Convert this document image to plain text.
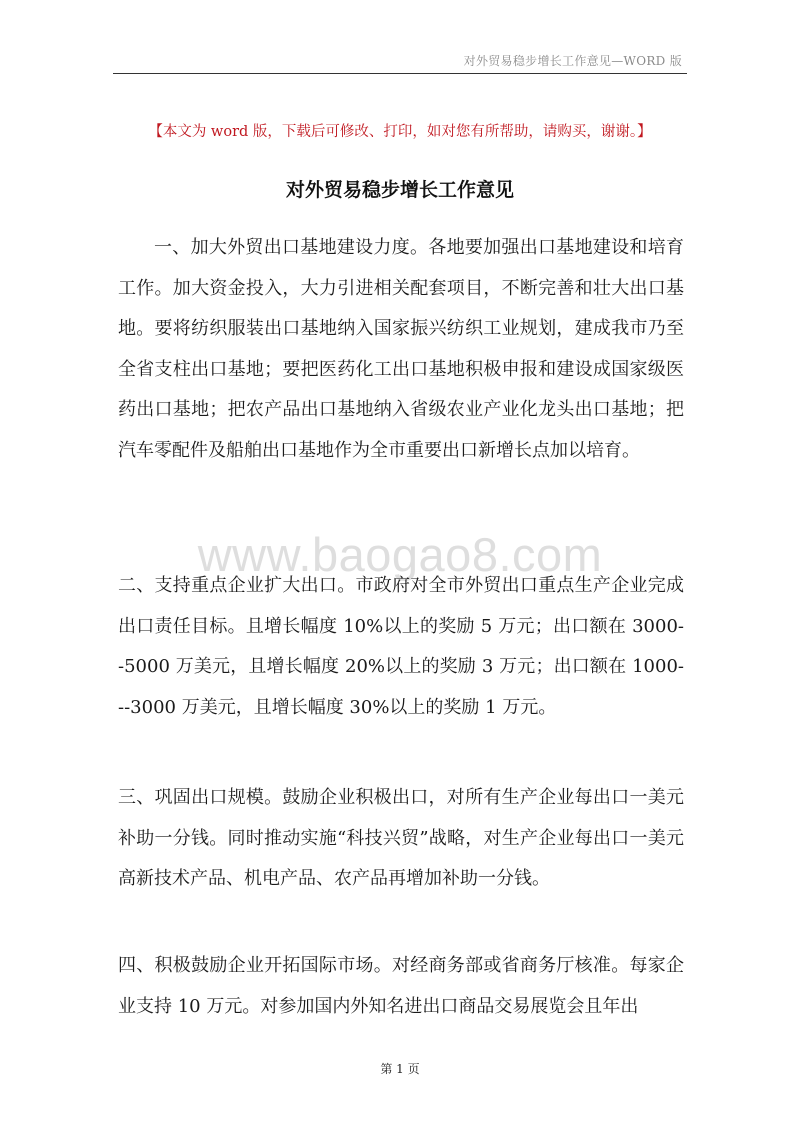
对外贸易稳步增长工作意见—WORD 版
【本文为 word 版，下载后可修改、打印，如对您有所帮助，请购买，谢谢。】
对外贸易稳步增长工作意见

一、加大外贸出口基地建设力度。各地要加强出口基地建设和培育工作。加大资金投入，大力引进相关配套项目，不断完善和壮大出口基地。要将纺织服装出口基地纳入国家振兴纺织工业规划，建成我市乃至全省支柱出口基地；要把医药化工出口基地积极申报和建设成国家级医药出口基地；把农产品出口基地纳入省级农业产业化龙头出口基地；把汽车零配件及船舶出口基地作为全市重要出口新增长点加以培育。

www.baogao8.com

二、支持重点企业扩大出口。市政府对全市外贸出口重点生产企业完成出口责任目标。且增长幅度 10%以上的奖励 5 万元；出口额在 3000--5000 万美元，且增长幅度 20%以上的奖励 3 万元；出口额在 1000---3000 万美元，且增长幅度 30%以上的奖励 1 万元。

三、巩固出口规模。鼓励企业积极出口，对所有生产企业每出口一美元补助一分钱。同时推动实施“科技兴贸”战略，对生产企业每出口一美元高新技术产品、机电产品、农产品再增加补助一分钱。

四、积极鼓励企业开拓国际市场。对经商务部或省商务厅核准。每家企业支持 10 万元。对参加国内外知名进出口商品交易展览会且年出

第 1 页
